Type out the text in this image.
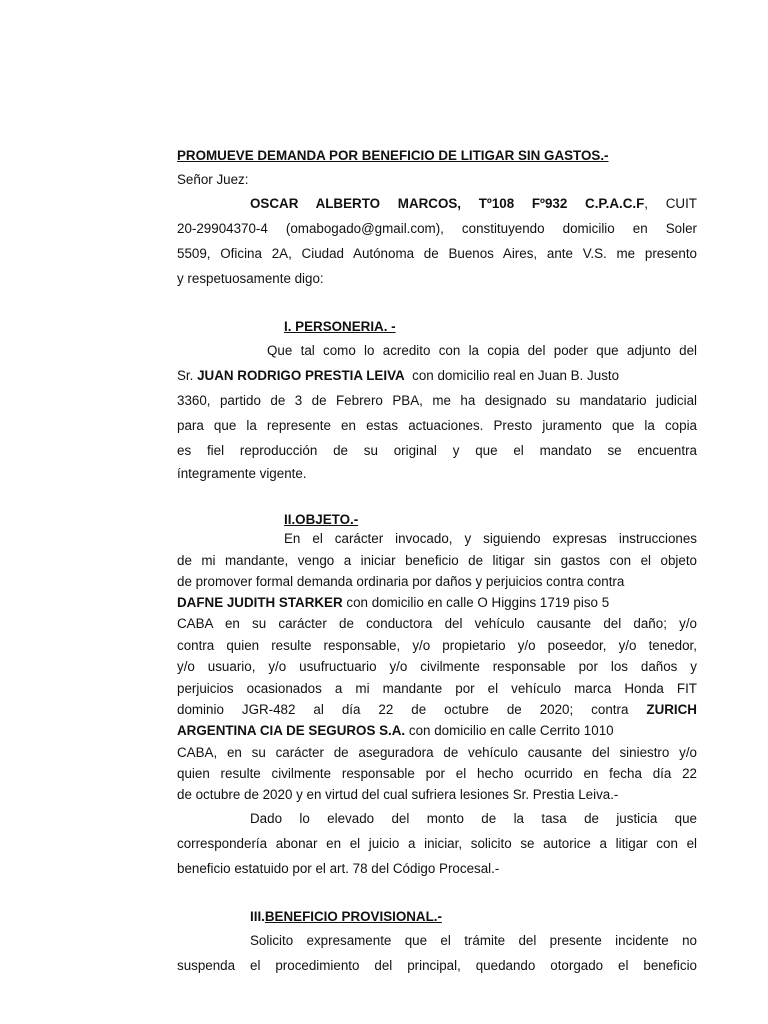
PROMUEVE DEMANDA POR BENEFICIO DE LITIGAR SIN GASTOS.-
Señor Juez:
OSCAR ALBERTO MARCOS, Tº108 Fº932 C.P.A.C.F, CUIT
20-29904370-4 (omabogado@gmail.com), constituyendo domicilio en Soler
5509, Oficina 2A, Ciudad Autónoma de Buenos Aires, ante V.S. me presento
y respetuosamente digo:
I. PERSONERIA. -
Que tal como lo acredito con la copia del poder que adjunto del
Sr. JUAN RODRIGO PRESTIA LEIVA con domicilio real en Juan B. Justo
3360, partido de 3 de Febrero PBA, me ha designado su mandatario judicial
para que la represente en estas actuaciones. Presto juramento que la copia
es fiel reproducción de su original y que el mandato se encuentra
íntegramente vigente.
II.OBJETO.-
En el carácter invocado, y siguiendo expresas instrucciones
de mi mandante, vengo a iniciar beneficio de litigar sin gastos con el objeto
de promover formal demanda ordinaria por daños y perjuicios contra contra
DAFNE JUDITH STARKER con domicilio en calle O Higgins 1719 piso 5
CABA en su carácter de conductora del vehículo causante del daño; y/o
contra quien resulte responsable, y/o propietario y/o poseedor, y/o tenedor,
y/o usuario, y/o usufructuario y/o civilmente responsable por los daños y
perjuicios ocasionados a mi mandante por el vehículo marca Honda FIT
dominio JGR-482 al día 22 de octubre de 2020; contra ZURICH
ARGENTINA CIA DE SEGUROS S.A. con domicilio en calle Cerrito 1010
CABA, en su carácter de aseguradora de vehículo causante del siniestro y/o
quien resulte civilmente responsable por el hecho ocurrido en fecha día 22
de octubre de 2020 y en virtud del cual sufriera lesiones Sr. Prestia Leiva.-
Dado lo elevado del monto de la tasa de justicia que
correspondería abonar en el juicio a iniciar, solicito se autorice a litigar con el
beneficio estatuido por el art. 78 del Código Procesal.-
III.BENEFICIO PROVISIONAL.-
Solicito expresamente que el trámite del presente incidente no
suspenda el procedimiento del principal, quedando otorgado el beneficio
